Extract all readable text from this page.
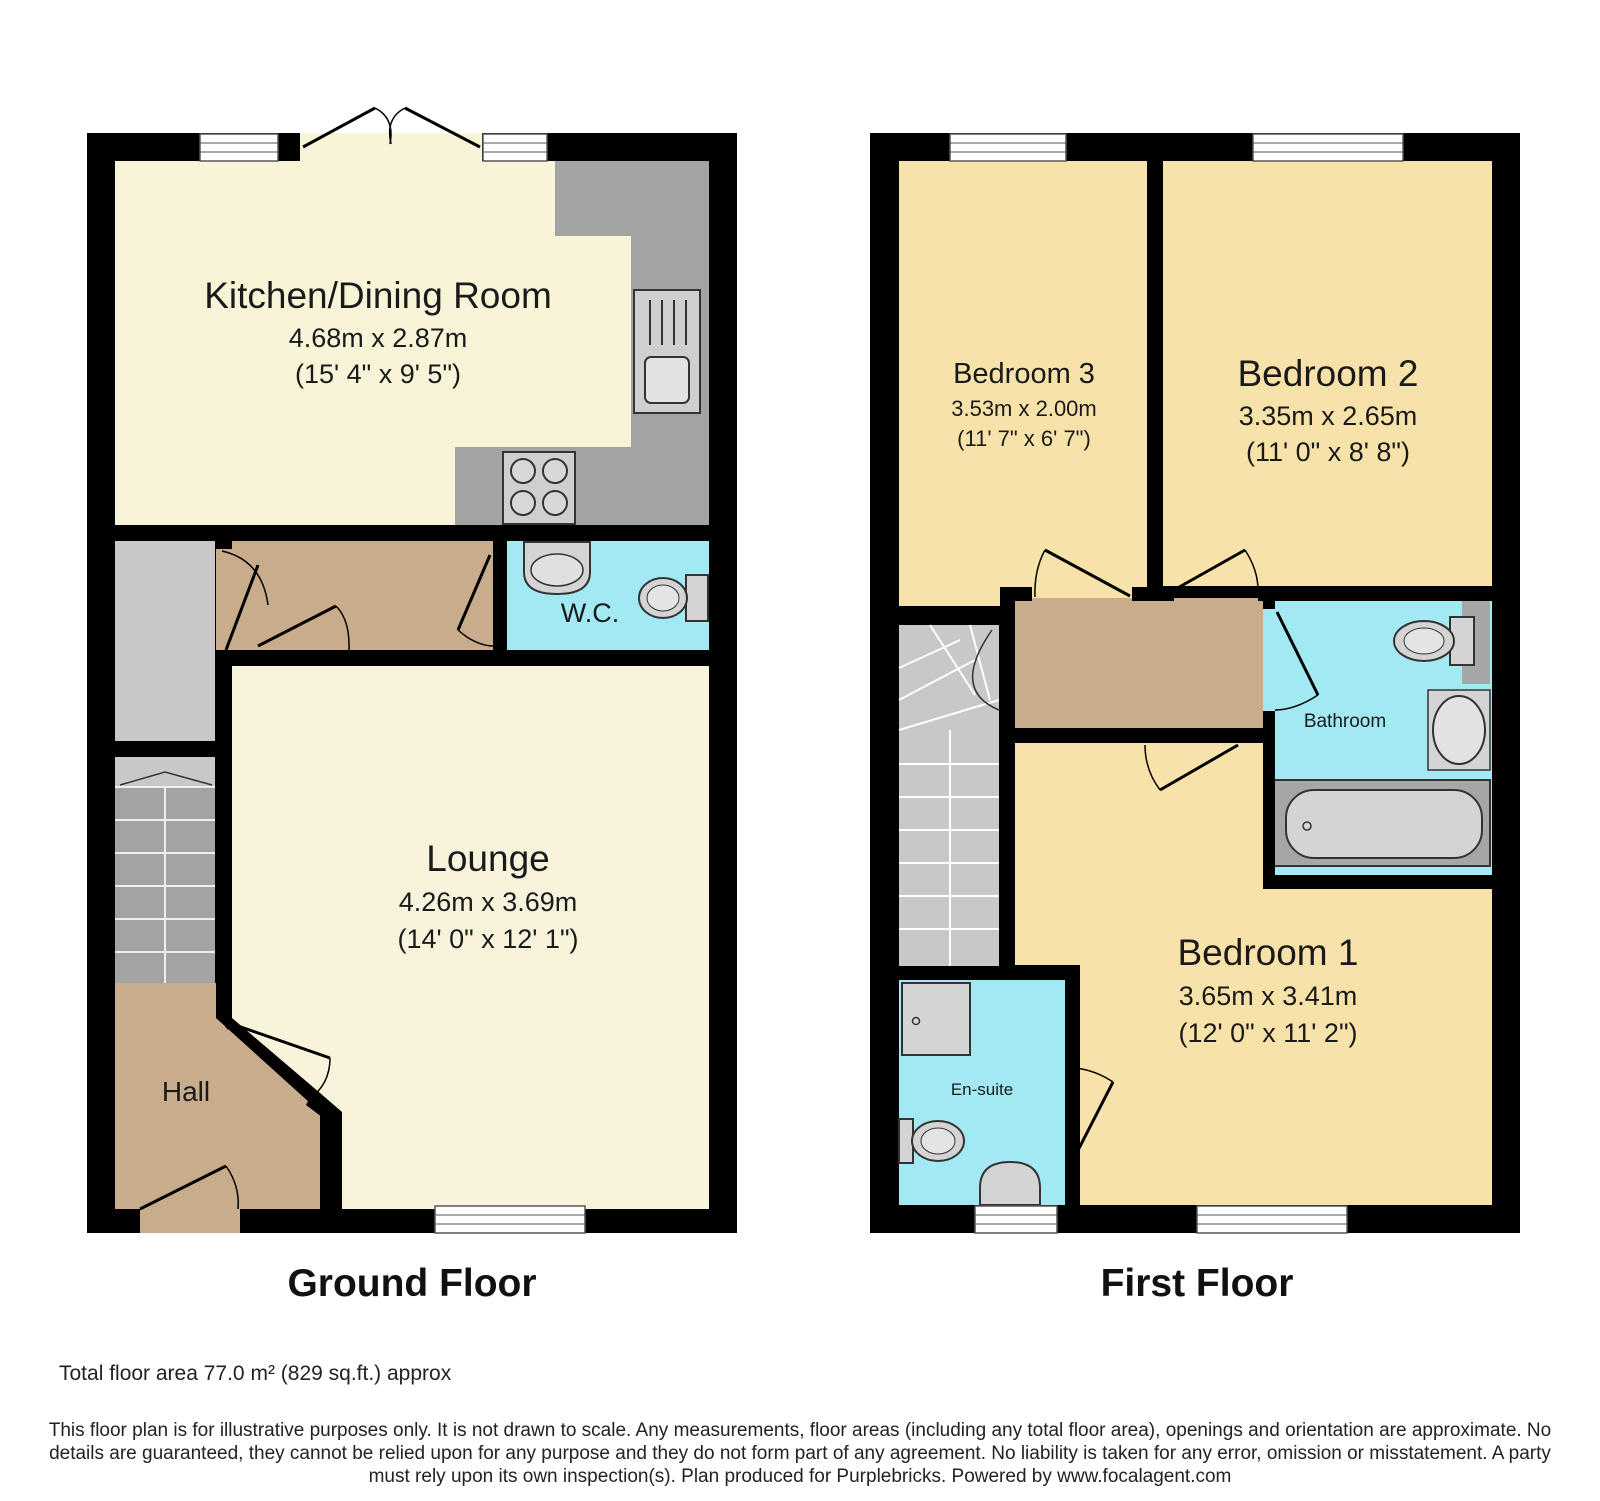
Kitchen/Dining Room
4.68m x 2.87m
(15' 4" x 9' 5")
W.C.
Lounge
4.26m x 3.69m
(14' 0" x 12' 1")
Hall
Bedroom 3
3.53m x 2.00m
(11' 7" x 6' 7")
Bedroom 2
3.35m x 2.65m
(11' 0" x 8' 8")
Bathroom
Bedroom 1
3.65m x 3.41m
(12' 0" x 11' 2")
En-suite
Ground Floor	First Floor
Total floor area 77.0 m² (829 sq.ft.) approx
This floor plan is for illustrative purposes only. It is not drawn to scale. Any measurements, floor areas (including any total floor area), openings and orientation are approximate. No details are guaranteed, they cannot be relied upon for any purpose and they do not form part of any agreement. No liability is taken for any error, omission or misstatement. A party must rely upon its own inspection(s). Plan produced for Purplebricks. Powered by www.focalagent.com
